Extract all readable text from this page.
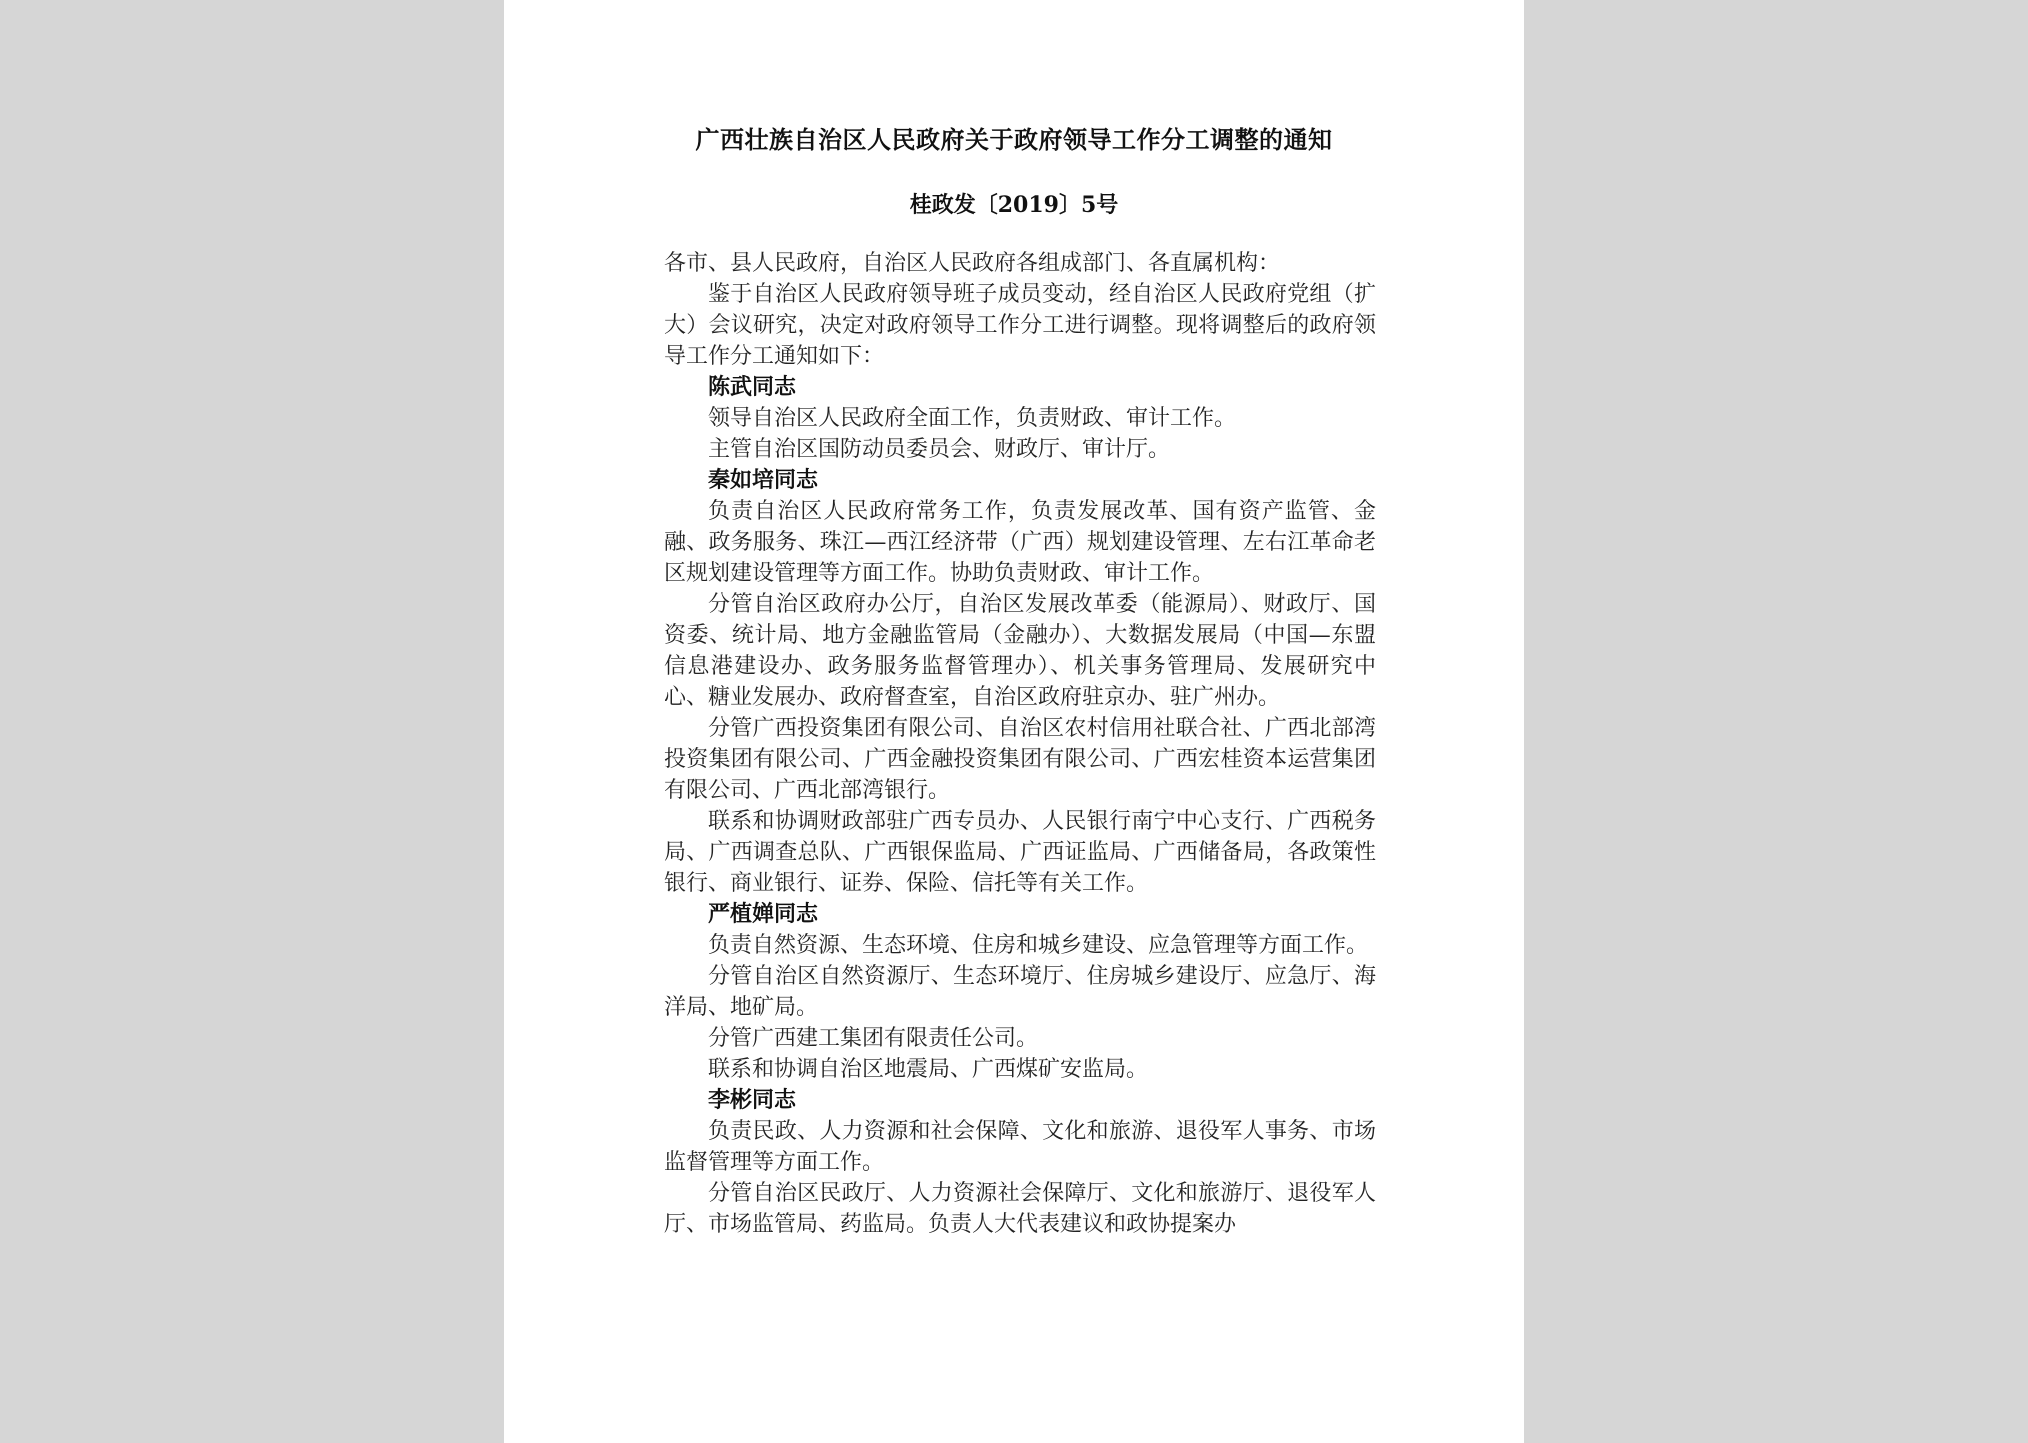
广西壮族自治区人民政府关于政府领导工作分工调整的通知
桂政发〔2019〕5号

各市、县人民政府，自治区人民政府各组成部门、各直属机构：

鉴于自治区人民政府领导班子成员变动，经自治区人民政府党组（扩大）会议研究，决定对政府领导工作分工进行调整。现将调整后的政府领导工作分工通知如下：

陈武同志

领导自治区人民政府全面工作，负责财政、审计工作。

主管自治区国防动员委员会、财政厅、审计厅。

秦如培同志

负责自治区人民政府常务工作，负责发展改革、国有资产监管、金融、政务服务、珠江—西江经济带（广西）规划建设管理、左右江革命老区规划建设管理等方面工作。协助负责财政、审计工作。

分管自治区政府办公厅，自治区发展改革委（能源局）、财政厅、国资委、统计局、地方金融监管局（金融办）、大数据发展局（中国—东盟信息港建设办、政务服务监督管理办）、机关事务管理局、发展研究中心、糖业发展办、政府督查室，自治区政府驻京办、驻广州办。

分管广西投资集团有限公司、自治区农村信用社联合社、广西北部湾投资集团有限公司、广西金融投资集团有限公司、广西宏桂资本运营集团有限公司、广西北部湾银行。

联系和协调财政部驻广西专员办、人民银行南宁中心支行、广西税务局、广西调查总队、广西银保监局、广西证监局、广西储备局，各政策性银行、商业银行、证券、保险、信托等有关工作。

严植婵同志

负责自然资源、生态环境、住房和城乡建设、应急管理等方面工作。

分管自治区自然资源厅、生态环境厅、住房城乡建设厅、应急厅、海洋局、地矿局。

分管广西建工集团有限责任公司。

联系和协调自治区地震局、广西煤矿安监局。

李彬同志

负责民政、人力资源和社会保障、文化和旅游、退役军人事务、市场监督管理等方面工作。

分管自治区民政厅、人力资源社会保障厅、文化和旅游厅、退役军人厅、市场监管局、药监局。负责人大代表建议和政协提案办
